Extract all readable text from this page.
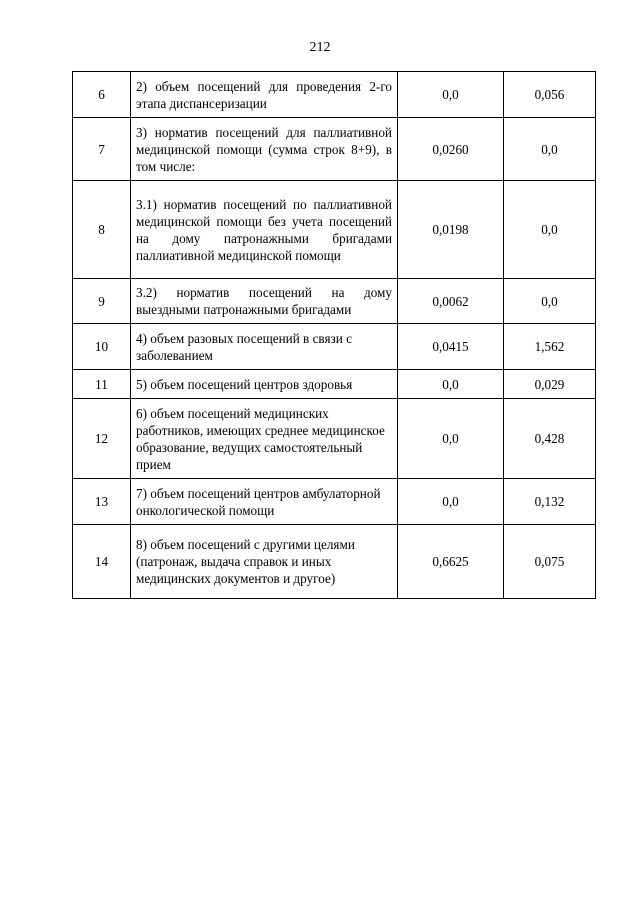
212
6	2) объем посещений для проведения 2-го этапа диспансеризации	0,0	0,056
7	3) норматив посещений для паллиативной медицинской помощи (сумма строк 8+9), в том числе:	0,0260	0,0
8	3.1) норматив посещений по паллиативной медицинской помощи без учета посещений на дому патронажными бригадами паллиативной медицинской помощи	0,0198	0,0
9	3.2) норматив посещений на дому выездными патронажными бригадами	0,0062	0,0
10	4) объем разовых посещений в связи с заболеванием	0,0415	1,562
11	5) объем посещений центров здоровья	0,0	0,029
12	6) объем посещений медицинских работников, имеющих среднее медицинское образование, ведущих самостоятельный прием	0,0	0,428
13	7) объем посещений центров амбулаторной онкологической помощи	0,0	0,132
14	8) объем посещений с другими целями (патронаж, выдача справок и иных медицинских документов и другое)	0,6625	0,075
